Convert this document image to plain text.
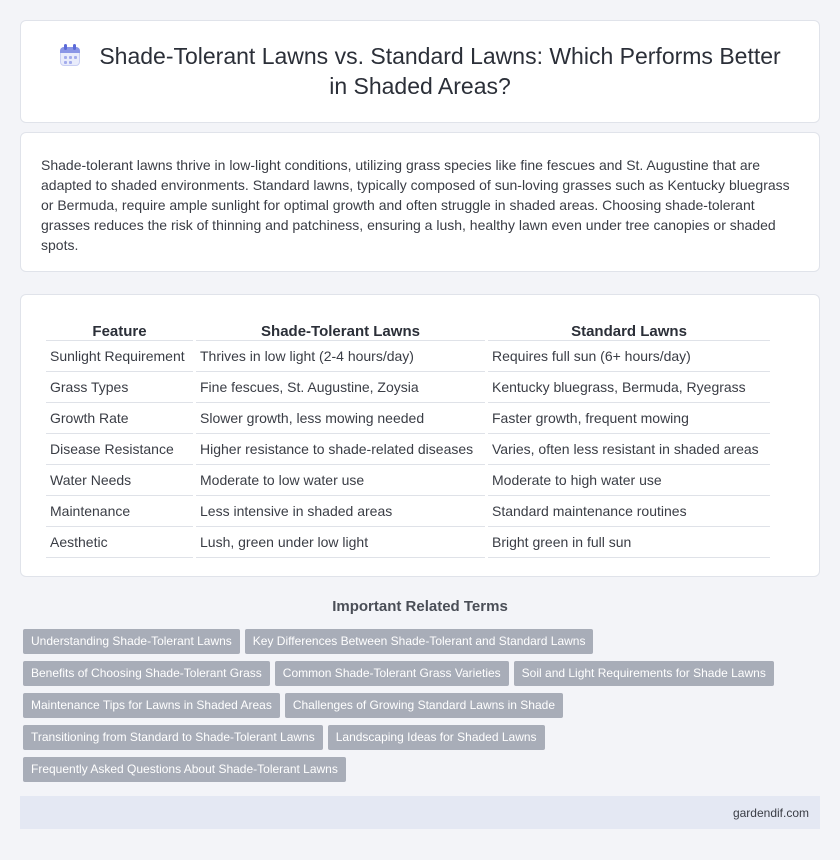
Shade-Tolerant Lawns vs. Standard Lawns: Which Performs Better in Shaded Areas?

Shade-tolerant lawns thrive in low-light conditions, utilizing grass species like fine fescues and St. Augustine that are adapted to shaded environments. Standard lawns, typically composed of sun-loving grasses such as Kentucky bluegrass or Bermuda, require ample sunlight for optimal growth and often struggle in shaded areas. Choosing shade-tolerant grasses reduces the risk of thinning and patchiness, ensuring a lush, healthy lawn even under tree canopies or shaded spots.

Feature	Shade-Tolerant Lawns	Standard Lawns
Sunlight Requirement	Thrives in low light (2-4 hours/day)	Requires full sun (6+ hours/day)
Grass Types	Fine fescues, St. Augustine, Zoysia	Kentucky bluegrass, Bermuda, Ryegrass
Growth Rate	Slower growth, less mowing needed	Faster growth, frequent mowing
Disease Resistance	Higher resistance to shade-related diseases	Varies, often less resistant in shaded areas
Water Needs	Moderate to low water use	Moderate to high water use
Maintenance	Less intensive in shaded areas	Standard maintenance routines
Aesthetic	Lush, green under low light	Bright green in full sun
Important Related Terms
Understanding Shade-Tolerant Lawns Key Differences Between Shade-Tolerant and Standard Lawns
Benefits of Choosing Shade-Tolerant Grass Common Shade-Tolerant Grass Varieties Soil and Light Requirements for Shade Lawns
Maintenance Tips for Lawns in Shaded Areas Challenges of Growing Standard Lawns in Shade
Transitioning from Standard to Shade-Tolerant Lawns Landscaping Ideas for Shaded Lawns
Frequently Asked Questions About Shade-Tolerant Lawns
gardendif.com
